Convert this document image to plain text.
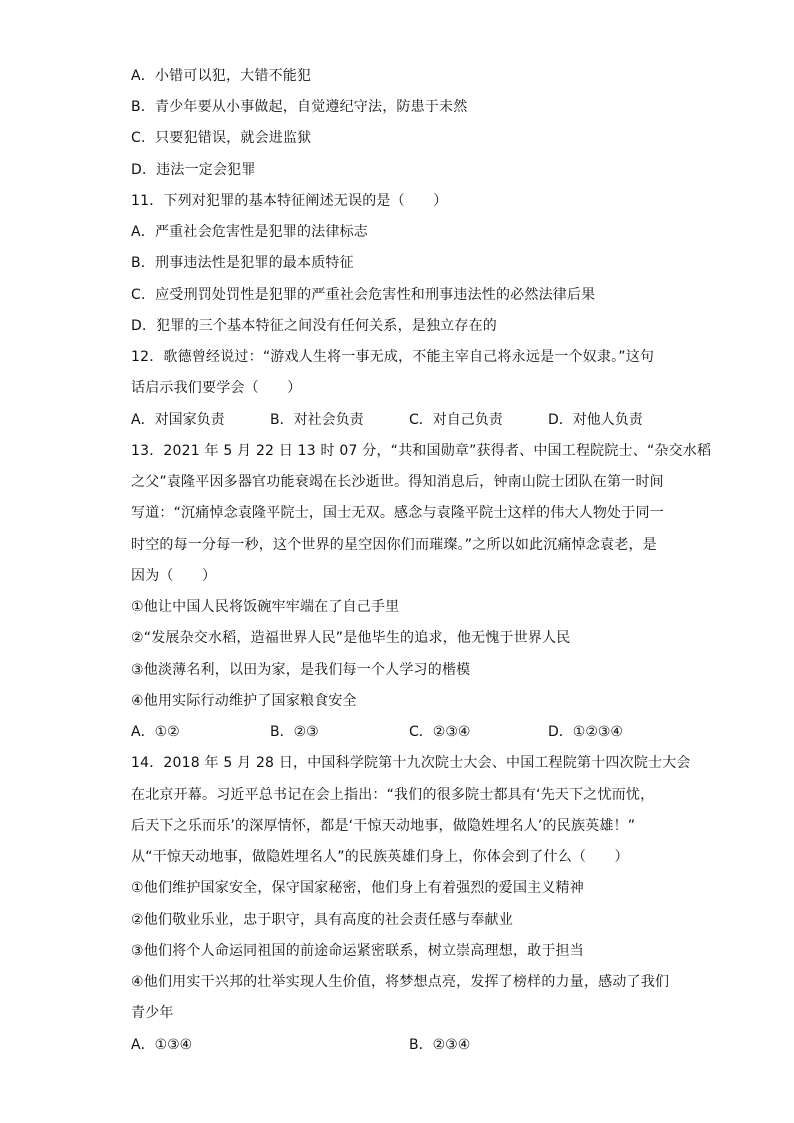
A．小错可以犯，大错不能犯
B．青少年要从小事做起，自觉遵纪守法，防患于未然
C．只要犯错误，就会进监狱
D．违法一定会犯罪
11．下列对犯罪的基本特征阐述无误的是（　　）
A．严重社会危害性是犯罪的法律标志
B．刑事违法性是犯罪的最本质特征
C．应受刑罚处罚性是犯罪的严重社会危害性和刑事违法性的必然法律后果
D．犯罪的三个基本特征之间没有任何关系，是独立存在的
12．歌德曾经说过：“游戏人生将一事无成，不能主宰自己将永远是一个奴隶。”这句
话启示我们要学会（　　）
A．对国家负责	B．对社会负责	C．对自己负责	D．对他人负责
13．2021 年 5 月 22 日 13 时 07 分，“共和国勋章”获得者、中国工程院院士、“杂交水稻
之父”袁隆平因多器官功能衰竭在长沙逝世。得知消息后，钟南山院士团队在第一时间
写道：“沉痛悼念袁隆平院士，国士无双。感念与袁隆平院士这样的伟大人物处于同一
时空的每一分每一秒，这个世界的星空因你们而璀璨。”之所以如此沉痛悼念袁老，是
因为（　　）
①他让中国人民将饭碗牢牢端在了自己手里
②“发展杂交水稻，造福世界人民”是他毕生的追求，他无愧于世界人民
③他淡薄名利，以田为家，是我们每一个人学习的楷模
④他用实际行动维护了国家粮食安全
A．①②	B．②③	C．②③④	D．①②③④
14．2018 年 5 月 28 日，中国科学院第十九次院士大会、中国工程院第十四次院士大会
在北京开幕。习近平总书记在会上指出：“我们的很多院士都具有‘先天下之忧而忧，
后天下之乐而乐’的深厚情怀，都是‘干惊天动地事，做隐姓埋名人’的民族英雄！”
从“干惊天动地事，做隐姓埋名人”的民族英雄们身上，你体会到了什么（　　）
①他们维护国家安全，保守国家秘密，他们身上有着强烈的爱国主义精神
②他们敬业乐业，忠于职守，具有高度的社会责任感与奉献业
③他们将个人命运同祖国的前途命运紧密联系，树立崇高理想，敢于担当
④他们用实干兴邦的壮举实现人生价值，将梦想点亮，发挥了榜样的力量，感动了我们
青少年
A．①③④	B．②③④
